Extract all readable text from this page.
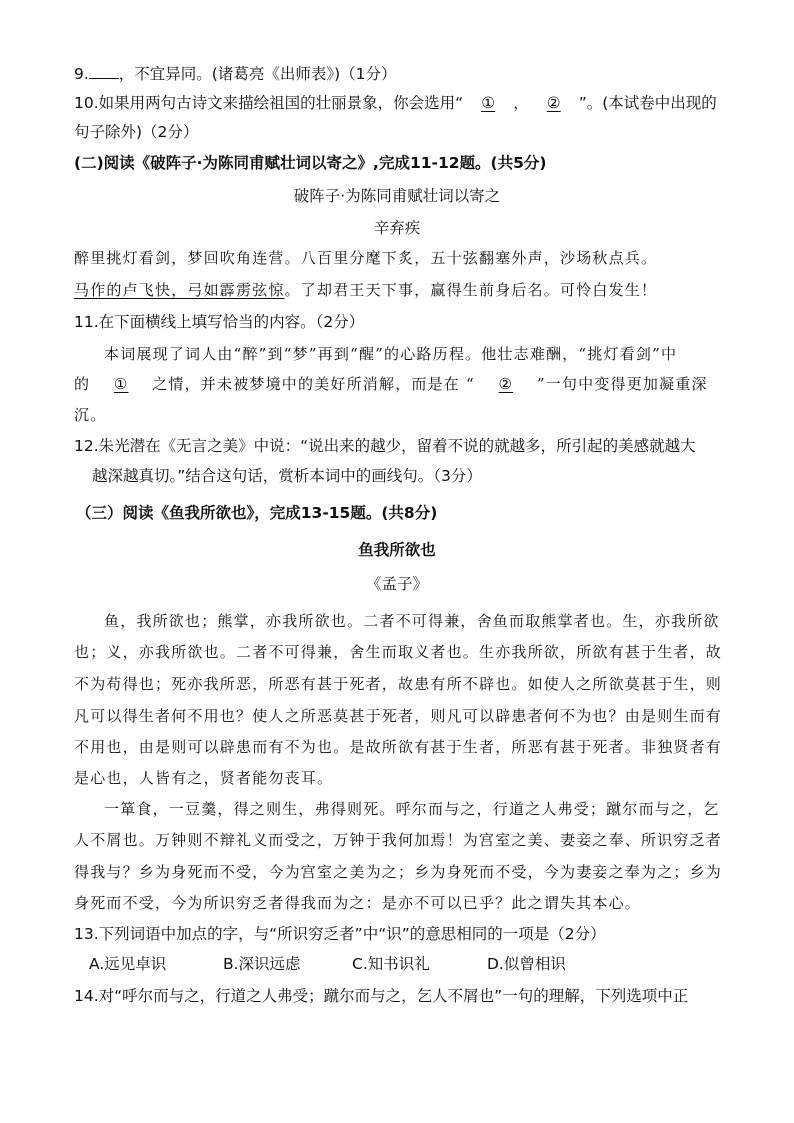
9. ，不宜异同。(诸葛亮《出师表》)（1分）
10.如果用两句古诗文来描绘祖国的壮丽景象，你会选用“ ① ， ② ”。(本试卷中出现的
句子除外)（2分）
(二)阅读《破阵子·为陈同甫赋壮词以寄之》,完成11-12题。(共5分)
破阵子·为陈同甫赋壮词以寄之
辛弃疾
醉里挑灯看剑，梦回吹角连营。八百里分麾下炙，五十弦翻塞外声，沙场秋点兵。
马作的卢飞快，弓如霹雳弦惊。了却君王天下事，赢得生前身后名。可怜白发生！
11.在下面横线上填写恰当的内容。（2分）
本词展现了词人由“醉”到“梦”再到“醒”的心路历程。他壮志难酬，“挑灯看剑”中
的 ① 之情，并未被梦境中的美好所消解，而是在 “ ② ”一句中变得更加凝重深
沉。
12.朱光潜在《无言之美》中说：“说出来的越少，留着不说的就越多，所引起的美感就越大
越深越真切。”结合这句话，赏析本词中的画线句。（3分）
（三）阅读《鱼我所欲也》，完成13-15题。(共8分)
鱼我所欲也
《孟子》
鱼，我所欲也；熊掌，亦我所欲也。二者不可得兼，舍鱼而取熊掌者也。生，亦我所欲
也；义，亦我所欲也。二者不可得兼，舍生而取义者也。生亦我所欲，所欲有甚于生者，故
不为苟得也；死亦我所恶，所恶有甚于死者，故患有所不辟也。如使人之所欲莫甚于生，则
凡可以得生者何不用也？使人之所恶莫甚于死者，则凡可以辟患者何不为也？由是则生而有
不用也，由是则可以辟患而有不为也。是故所欲有甚于生者，所恶有甚于死者。非独贤者有
是心也，人皆有之，贤者能勿丧耳。
一箪食，一豆羹，得之则生，弗得则死。呼尔而与之，行道之人弗受；蹴尔而与之，乞
人不屑也。万钟则不辩礼义而受之，万钟于我何加焉！为宫室之美、妻妾之奉、所识穷乏者
得我与？乡为身死而不受，今为宫室之美为之；乡为身死而不受，今为妻妾之奉为之；乡为
身死而不受，今为所识穷乏者得我而为之：是亦不可以已乎？此之谓失其本心。
13.下列词语中加点的字，与“所识穷乏者”中“识”的意思相同的一项是（2分）
A.远见卓识	B.深识远虑	C.知书识礼	D.似曾相识
14.对“呼尔而与之，行道之人弗受；蹴尔而与之，乞人不屑也”一句的理解，下列选项中正
